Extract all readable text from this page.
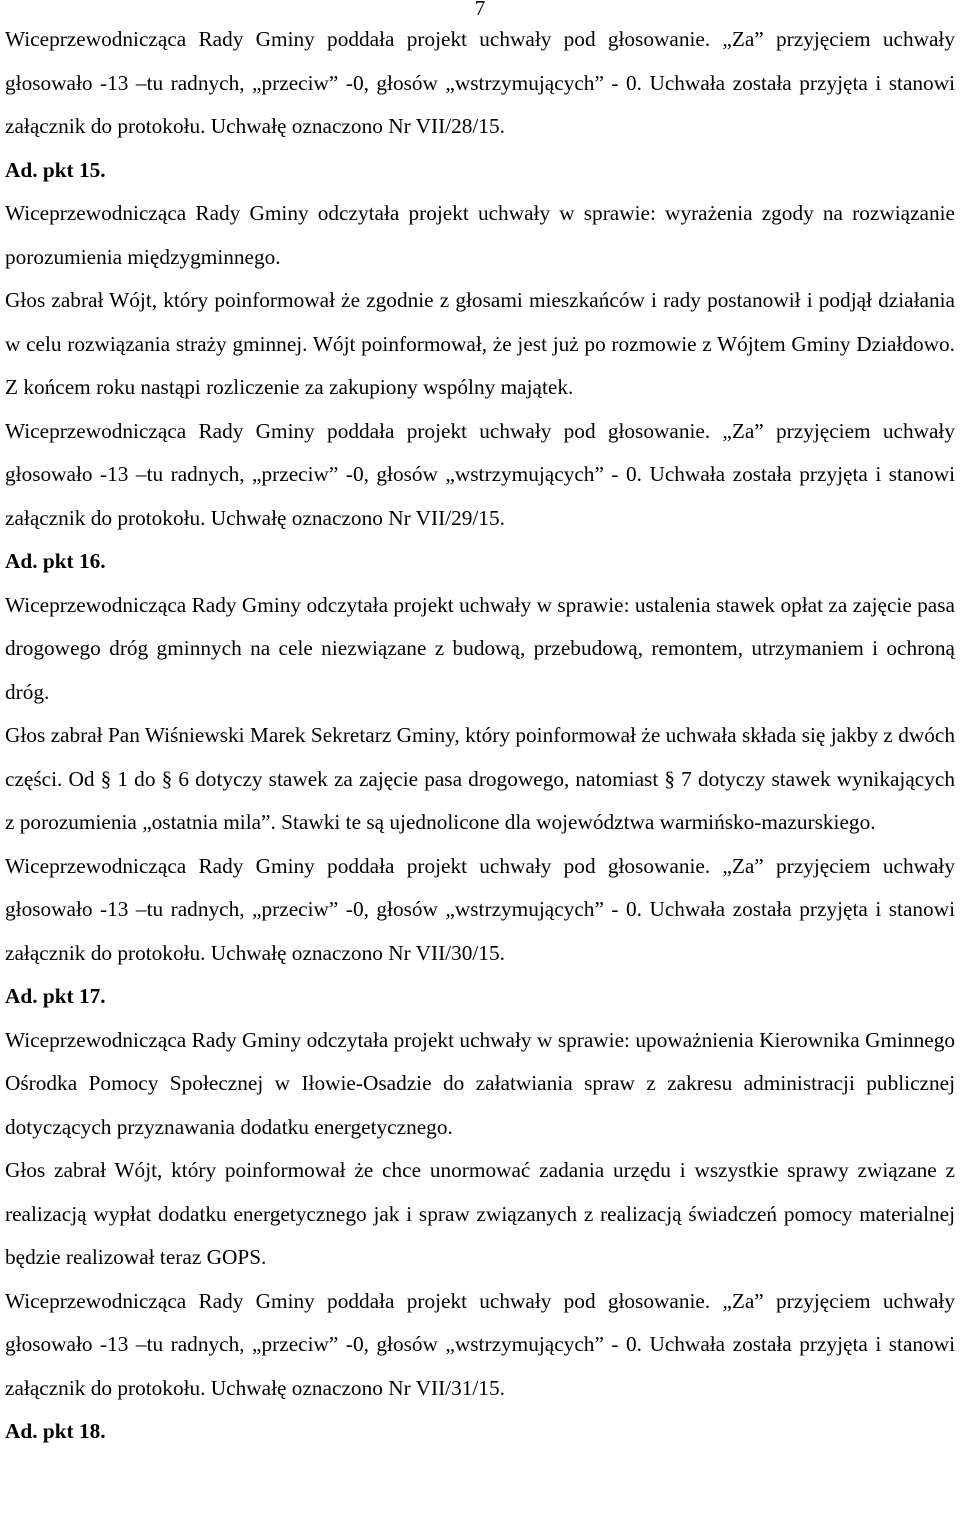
7

Wiceprzewodnicząca Rady Gminy poddała projekt uchwały pod głosowanie. „Za” przyjęciem uchwały głosowało -13 –tu radnych, „przeciw” -0, głosów „wstrzymujących” - 0. Uchwała została przyjęta i stanowi załącznik do protokołu. Uchwałę oznaczono Nr VII/28/15.

Ad. pkt 15.

Wiceprzewodnicząca Rady Gminy odczytała projekt uchwały w sprawie: wyrażenia zgody na rozwiązanie porozumienia międzygminnego.

Głos zabrał Wójt, który poinformował że zgodnie z głosami mieszkańców i rady postanowił i podjął działania w celu rozwiązania straży gminnej. Wójt poinformował, że jest już po rozmowie z Wójtem Gminy Działdowo. Z końcem roku nastąpi rozliczenie za zakupiony wspólny majątek.

Wiceprzewodnicząca Rady Gminy poddała projekt uchwały pod głosowanie. „Za” przyjęciem uchwały głosowało -13 –tu radnych, „przeciw” -0, głosów „wstrzymujących” - 0. Uchwała została przyjęta i stanowi załącznik do protokołu. Uchwałę oznaczono Nr VII/29/15.

Ad. pkt 16.

Wiceprzewodnicząca Rady Gminy odczytała projekt uchwały w sprawie: ustalenia stawek opłat za zajęcie pasa drogowego dróg gminnych na cele niezwiązane z budową, przebudową, remontem, utrzymaniem i ochroną dróg.

Głos zabrał Pan Wiśniewski Marek Sekretarz Gminy, który poinformował że uchwała składa się jakby z dwóch części. Od § 1 do § 6 dotyczy stawek za zajęcie pasa drogowego, natomiast § 7 dotyczy stawek wynikających z porozumienia „ostatnia mila”. Stawki te są ujednolicone dla województwa warmińsko-mazurskiego.

Wiceprzewodnicząca Rady Gminy poddała projekt uchwały pod głosowanie. „Za” przyjęciem uchwały głosowało -13 –tu radnych, „przeciw” -0, głosów „wstrzymujących” - 0. Uchwała została przyjęta i stanowi załącznik do protokołu. Uchwałę oznaczono Nr VII/30/15.

Ad. pkt 17.

Wiceprzewodnicząca Rady Gminy odczytała projekt uchwały w sprawie: upoważnienia Kierownika Gminnego Ośrodka Pomocy Społecznej w Iłowie-Osadzie do załatwiania spraw z zakresu administracji publicznej dotyczących przyznawania dodatku energetycznego.

Głos zabrał Wójt, który poinformował że chce unormować zadania urzędu i wszystkie sprawy związane z realizacją wypłat dodatku energetycznego jak i spraw związanych z realizacją świadczeń pomocy materialnej będzie realizował teraz GOPS.

Wiceprzewodnicząca Rady Gminy poddała projekt uchwały pod głosowanie. „Za” przyjęciem uchwały głosowało -13 –tu radnych, „przeciw” -0, głosów „wstrzymujących” - 0. Uchwała została przyjęta i stanowi załącznik do protokołu. Uchwałę oznaczono Nr VII/31/15.

Ad. pkt 18.
